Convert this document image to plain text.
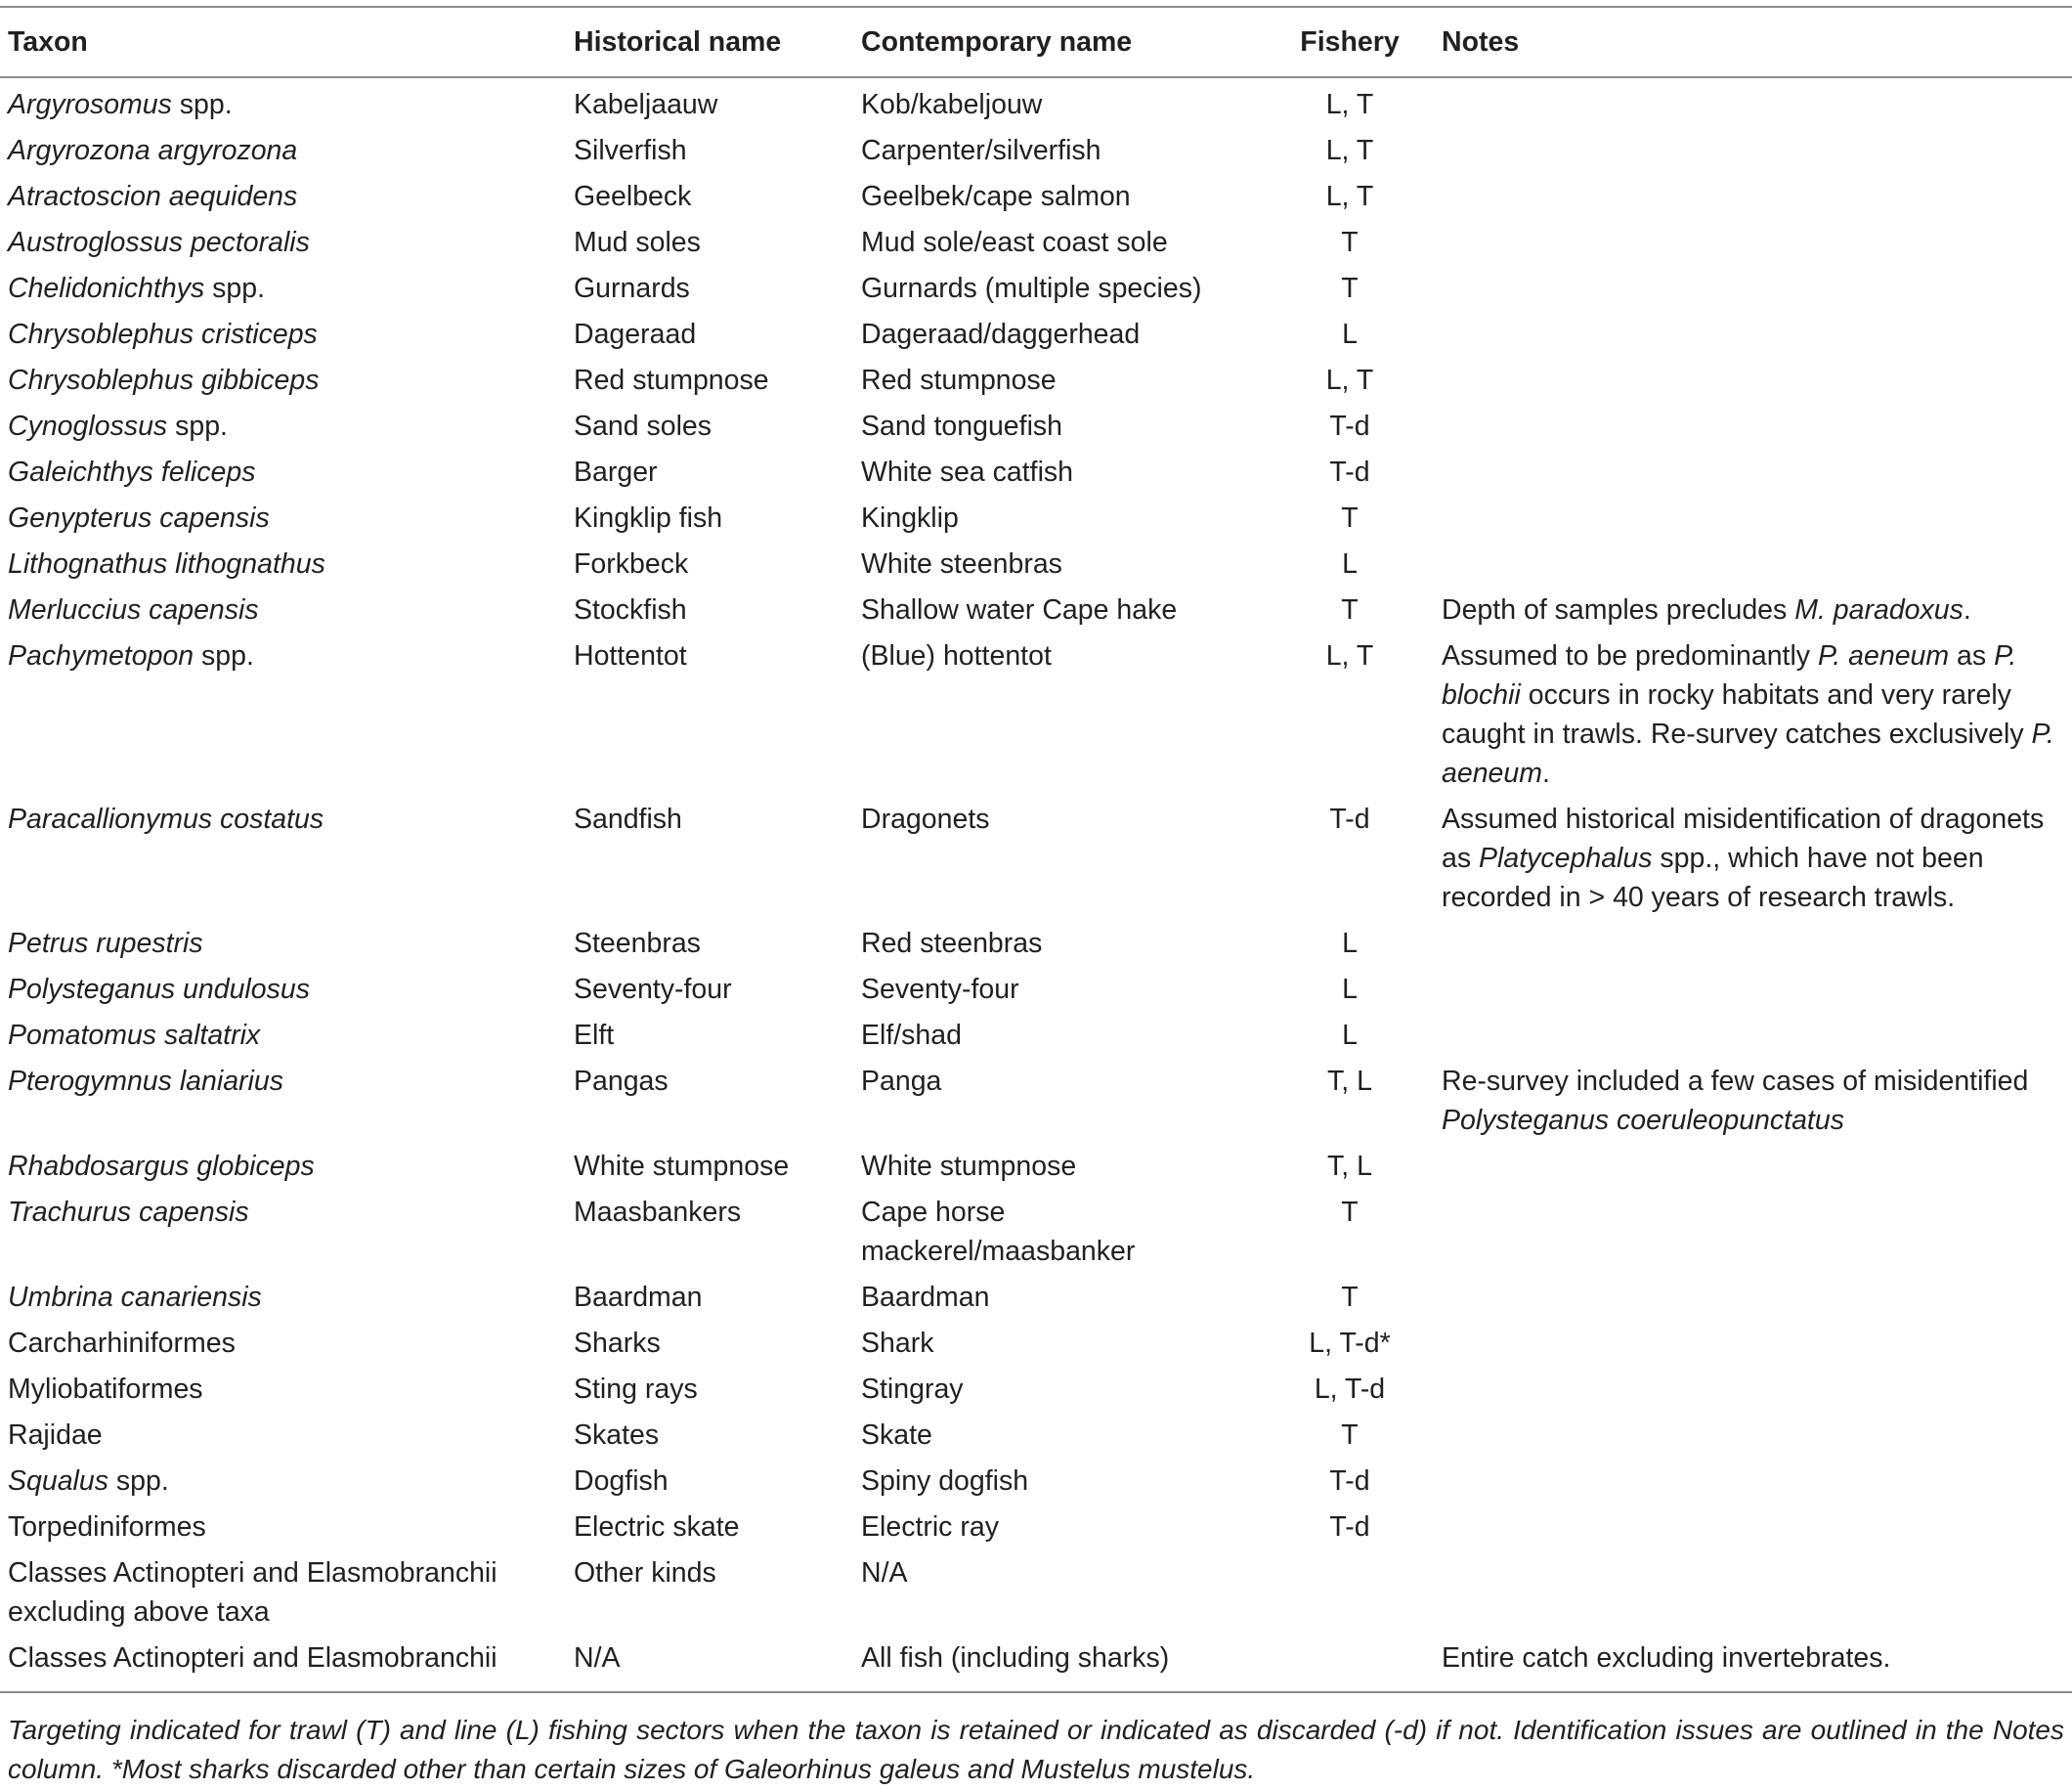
Taxon	Historical name	Contemporary name	Fishery	Notes
Argyrosomus spp.	Kabeljaauw	Kob/kabeljouw	L, T	
Argyrozona argyrozona	Silverfish	Carpenter/silverfish	L, T	
Atractoscion aequidens	Geelbeck	Geelbek/cape salmon	L, T	
Austroglossus pectoralis	Mud soles	Mud sole/east coast sole	T	
Chelidonichthys spp.	Gurnards	Gurnards (multiple species)	T	
Chrysoblephus cristiceps	Dageraad	Dageraad/daggerhead	L	
Chrysoblephus gibbiceps	Red stumpnose	Red stumpnose	L, T	
Cynoglossus spp.	Sand soles	Sand tonguefish	T-d	
Galeichthys feliceps	Barger	White sea catfish	T-d	
Genypterus capensis	Kingklip fish	Kingklip	T	
Lithognathus lithognathus	Forkbeck	White steenbras	L	
Merluccius capensis	Stockfish	Shallow water Cape hake	T	Depth of samples precludes M. paradoxus.
Pachymetopon spp.	Hottentot	(Blue) hottentot	L, T	Assumed to be predominantly P. aeneum as P. blochii occurs in rocky habitats and very rarely caught in trawls. Re-survey catches exclusively P. aeneum.
Paracallionymus costatus	Sandfish	Dragonets	T-d	Assumed historical misidentification of dragonets as Platycephalus spp., which have not been recorded in > 40 years of research trawls.
Petrus rupestris	Steenbras	Red steenbras	L	
Polysteganus undulosus	Seventy-four	Seventy-four	L	
Pomatomus saltatrix	Elft	Elf/shad	L	
Pterogymnus laniarius	Pangas	Panga	T, L	Re-survey included a few cases of misidentified Polysteganus coeruleopunctatus
Rhabdosargus globiceps	White stumpnose	White stumpnose	T, L	
Trachurus capensis	Maasbankers	Cape horse mackerel/maasbanker	T	
Umbrina canariensis	Baardman	Baardman	T	
Carcharhiniformes	Sharks	Shark	L, T-d*	
Myliobatiformes	Sting rays	Stingray	L, T-d	
Rajidae	Skates	Skate	T	
Squalus spp.	Dogfish	Spiny dogfish	T-d	
Torpediniformes	Electric skate	Electric ray	T-d	
Classes Actinopteri and Elasmobranchii excluding above taxa	Other kinds	N/A		
Classes Actinopteri and Elasmobranchii	N/A	All fish (including sharks)		Entire catch excluding invertebrates.
Targeting indicated for trawl (T) and line (L) fishing sectors when the taxon is retained or indicated as discarded (-d) if not. Identification issues are outlined in the Notes column. *Most sharks discarded other than certain sizes of Galeorhinus galeus and Mustelus mustelus.
